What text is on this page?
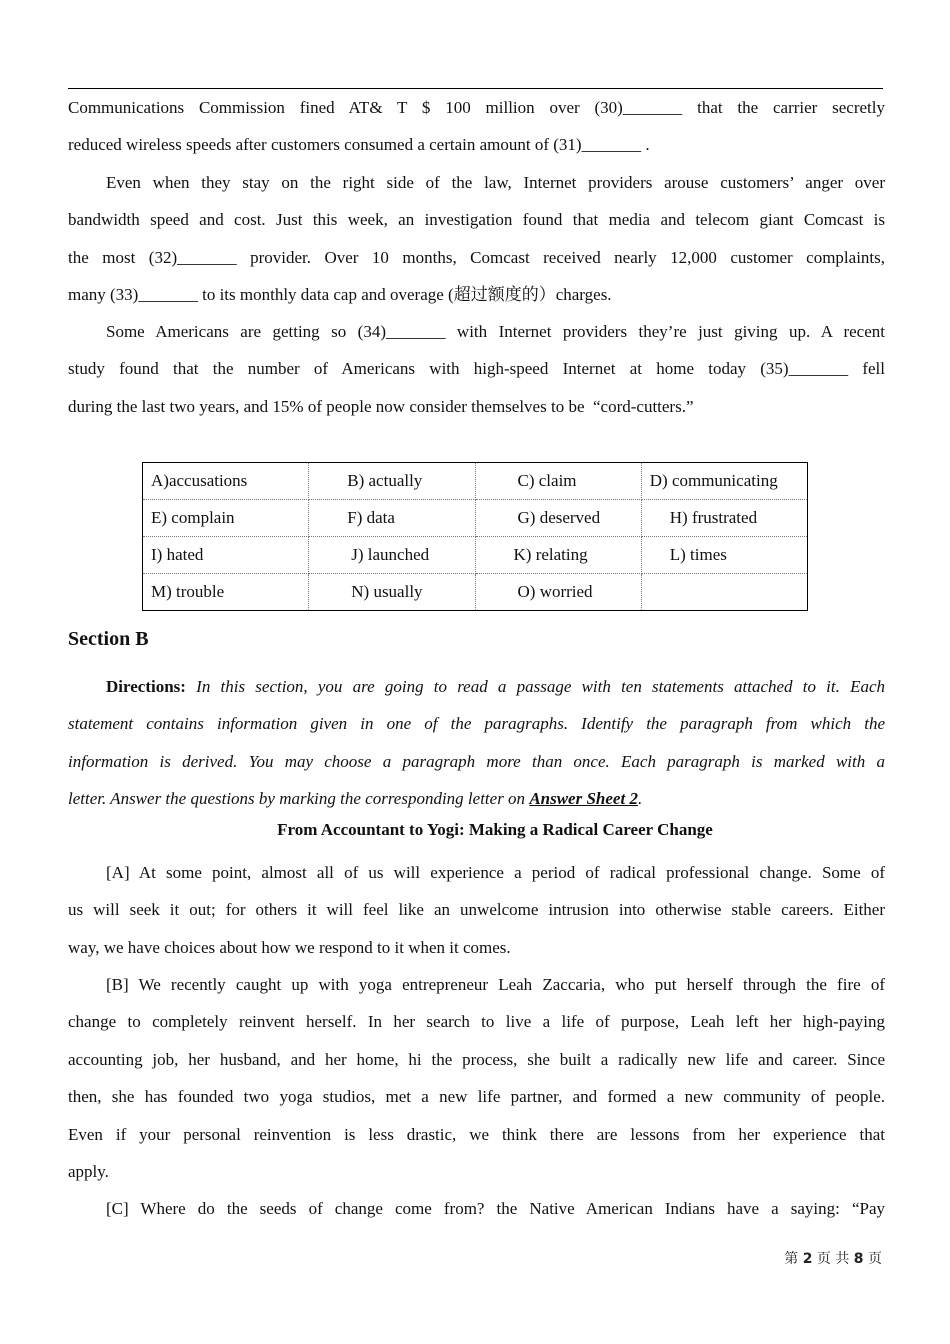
Communications Commission fined AT& T $ 100 million over (30)_______ that the carrier secretly
reduced wireless speeds after customers consumed a certain amount of (31)_______ .
Even when they stay on the right side of the law, Internet providers arouse customers’ anger over
bandwidth speed and cost. Just this week, an investigation found that media and telecom giant Comcast is
the most (32)_______ provider. Over 10 months, Comcast received nearly 12,000 customer complaints,
many (33)_______ to its monthly data cap and overage (超过额度的）charges.
Some Americans are getting so (34)_______ with Internet providers they’re just giving up. A recent
study found that the number of Americans with high-speed Internet at home today (35)_______ fell
during the last two years, and 15% of people now consider themselves to be  “cord-cutters.”
A)accusations	B) actually	C) claim	D) communicating
E) complain	F) data	G) deserved	H) frustrated
I) hated	J) launched	K) relating	L) times
M) trouble	N) usually	O) worried	
Section B
Directions: In this section, you are going to read a passage with ten statements attached to it. Each
statement contains information given in one of the paragraphs. Identify the paragraph from which the
information is derived. You may choose a paragraph more than once. Each paragraph is marked with a
letter. Answer the questions by marking the corresponding letter on Answer Sheet 2.
From Accountant to Yogi: Making a Radical Career Change
[A] At some point, almost all of us will experience a period of radical professional change. Some of
us will seek it out; for others it will feel like an unwelcome intrusion into otherwise stable careers. Either
way, we have choices about how we respond to it when it comes.
[B] We recently caught up with yoga entrepreneur Leah Zaccaria, who put herself through the fire of
change to completely reinvent herself. In her search to live a life of purpose, Leah left her high-paying
accounting job, her husband, and her home, hi the process, she built a radically new life and career. Since
then, she has founded two yoga studios, met a new life partner, and formed a new community of people.
Even if your personal reinvention is less drastic, we think there are lessons from her experience that
apply.
[C] Where do the seeds of change come from? the Native American Indians have a saying: “Pay
第 2 页 共 8 页
